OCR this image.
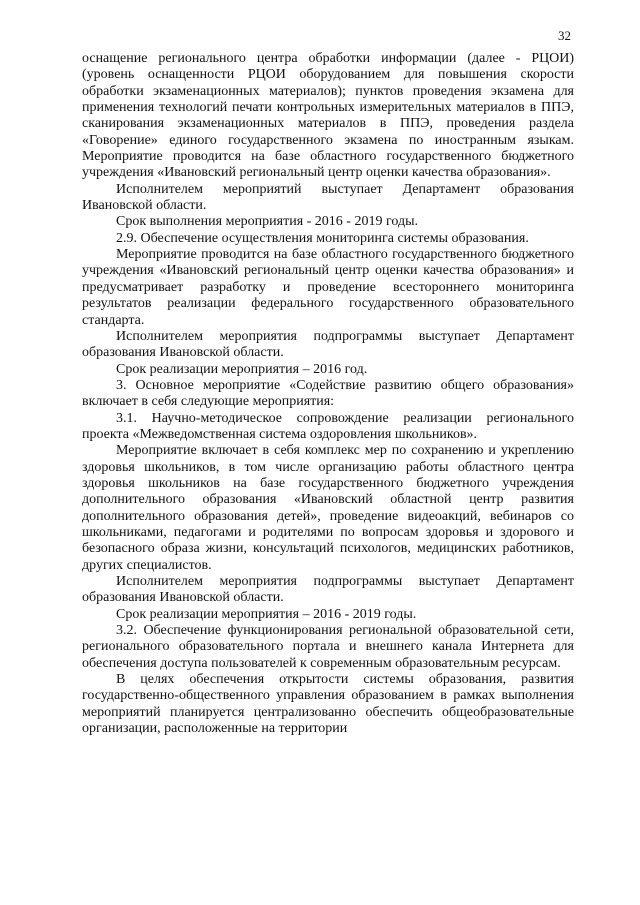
32

оснащение регионального центра обработки информации (далее - РЦОИ) (уровень оснащенности РЦОИ оборудованием для повышения скорости обработки экзаменационных материалов); пунктов проведения экзамена для применения технологий печати контрольных измерительных материалов в ППЭ, сканирования экзаменационных материалов в ППЭ, проведения раздела «Говорение» единого государственного экзамена по иностранным языкам. Мероприятие проводится на базе областного государственного бюджетного учреждения «Ивановский региональный центр оценки качества образования».

Исполнителем мероприятий выступает Департамент образования Ивановской области.

Срок выполнения мероприятия - 2016 - 2019 годы.

2.9. Обеспечение осуществления мониторинга системы образования.

Мероприятие проводится на базе областного государственного бюджетного учреждения «Ивановский региональный центр оценки качества образования» и предусматривает разработку и проведение всестороннего мониторинга результатов реализации федерального государственного образовательного стандарта.

Исполнителем мероприятия подпрограммы выступает Департамент образования Ивановской области.

Срок реализации мероприятия – 2016 год.

3. Основное мероприятие «Содействие развитию общего образования» включает в себя следующие мероприятия:

3.1. Научно-методическое сопровождение реализации регионального проекта «Межведомственная система оздоровления школьников».

Мероприятие включает в себя комплекс мер по сохранению и укреплению здоровья школьников, в том числе организацию работы областного центра здоровья школьников на базе государственного бюджетного учреждения дополнительного образования «Ивановский областной центр развития дополнительного образования детей», проведение видеоакций, вебинаров со школьниками, педагогами и родителями по вопросам здоровья и здорового и безопасного образа жизни, консультаций психологов, медицинских работников, других специалистов.

Исполнителем мероприятия подпрограммы выступает Департамент образования Ивановской области.

Срок реализации мероприятия – 2016 - 2019 годы.

3.2. Обеспечение функционирования региональной образовательной сети, регионального образовательного портала и внешнего канала Интернета для обеспечения доступа пользователей к современным образовательным ресурсам.

В целях обеспечения открытости системы образования, развития государственно-общественного управления образованием в рамках выполнения мероприятий планируется централизованно обеспечить общеобразовательные организации, расположенные на территории
